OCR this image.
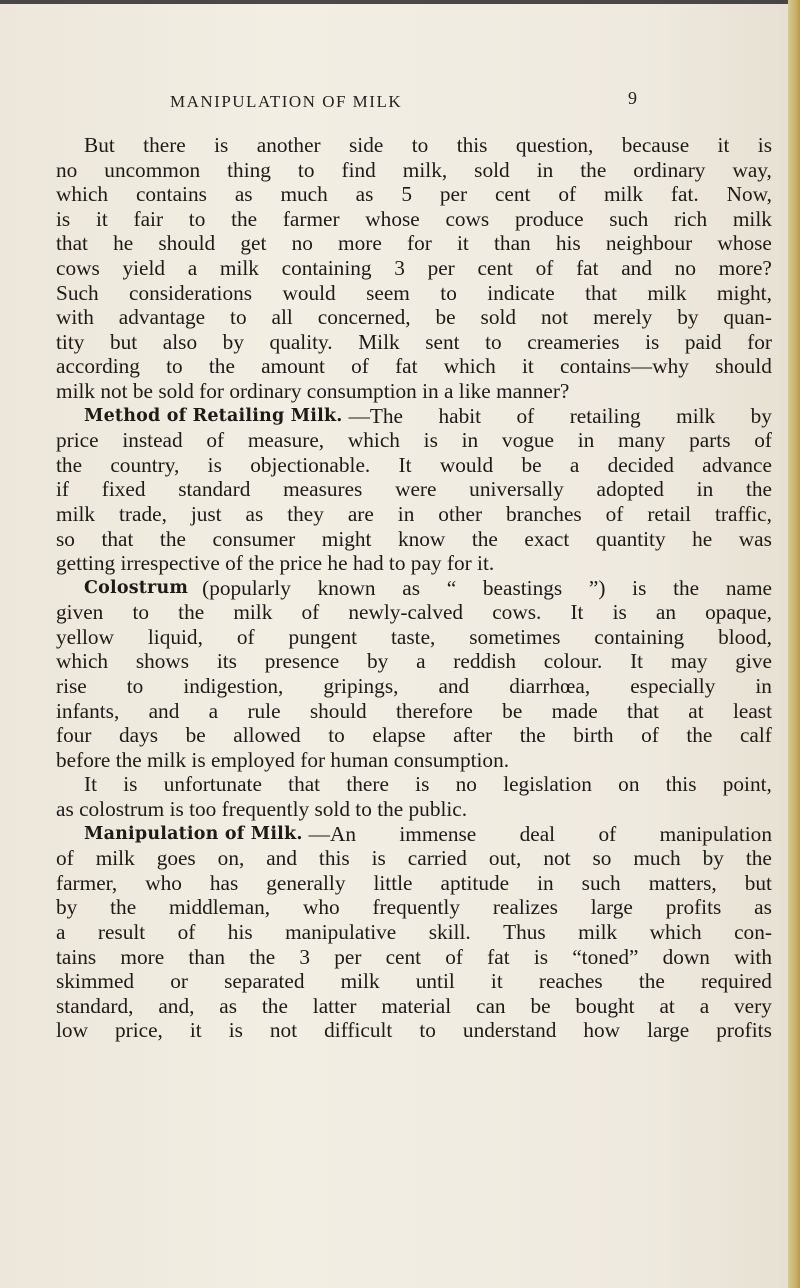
MANIPULATION OF MILK	9
But there is another side to this question, because it is
no uncommon thing to find milk, sold in the ordinary way,
which contains as much as 5 per cent of milk fat. Now,
is it fair to the farmer whose cows produce such rich milk
that he should get no more for it than his neighbour whose
cows yield a milk containing 3 per cent of fat and no more?
Such considerations would seem to indicate that milk might,
with advantage to all concerned, be sold not merely by quan-
tity but also by quality. Milk sent to creameries is paid for
according to the amount of fat which it contains—why should
milk not be sold for ordinary consumption in a like manner?
Method of Retailing Milk. —The habit of retailing milk by
price instead of measure, which is in vogue in many parts of
the country, is objectionable. It would be a decided advance
if fixed standard measures were universally adopted in the
milk trade, just as they are in other branches of retail traffic,
so that the consumer might know the exact quantity he was
getting irrespective of the price he had to pay for it.
Colostrum (popularly known as “ beastings ”) is the name
given to the milk of newly-calved cows. It is an opaque,
yellow liquid, of pungent taste, sometimes containing blood,
which shows its presence by a reddish colour. It may give
rise to indigestion, gripings, and diarrhœa, especially in
infants, and a rule should therefore be made that at least
four days be allowed to elapse after the birth of the calf
before the milk is employed for human consumption.
It is unfortunate that there is no legislation on this point,
as colostrum is too frequently sold to the public.
Manipulation of Milk. —An immense deal of manipulation
of milk goes on, and this is carried out, not so much by the
farmer, who has generally little aptitude in such matters, but
by the middleman, who frequently realizes large profits as
a result of his manipulative skill. Thus milk which con-
tains more than the 3 per cent of fat is “toned” down with
skimmed or separated milk until it reaches the required
standard, and, as the latter material can be bought at a very
low price, it is not difficult to understand how large profits
